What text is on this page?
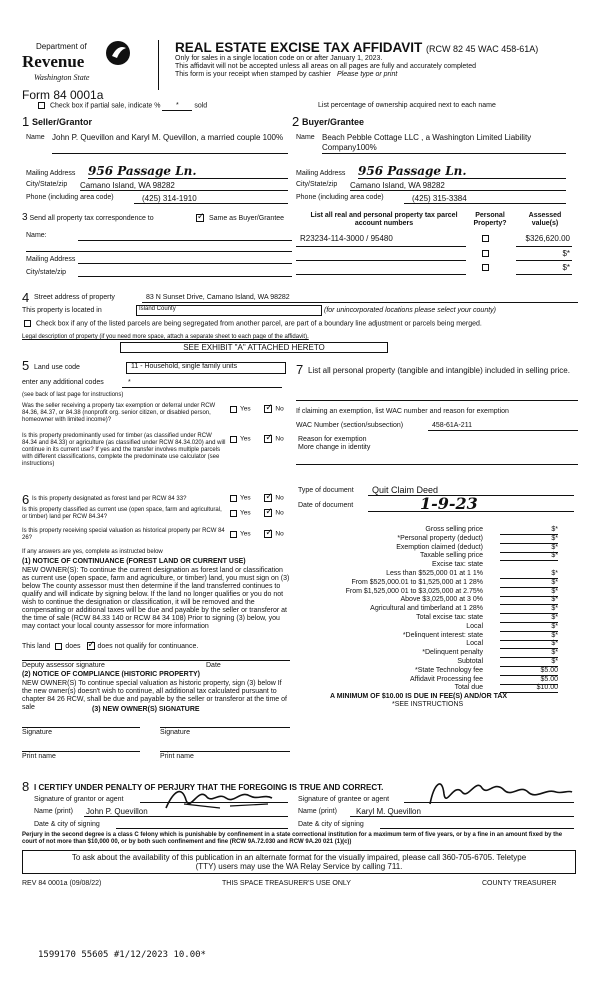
Department of
Revenue
Washington State
Form 84 0001a
REAL ESTATE EXCISE TAX AFFIDAVIT (RCW 82 45 WAC 458-61A)
Only for sales in a single location code on or after January 1, 2023.
This affidavit will not be accepted unless all areas on all pages are fully and accurately completed
This form is your receipt when stamped by cashier Please type or print
Check box if partial sale, indicate % * sold	List percentage of ownership acquired next to each name
1 Seller/Grantor
Name John P. Quevillon and Karyl M. Quevillon, a married couple 100%
Mailing Address 956 Passage Ln.
City/State/zip Camano Island, WA 98282
Phone (including area code)	(425) 314-1910
2 Buyer/Grantee
Name Beach Pebble Cottage LLC , a Washington Limited Liability Company100%
Mailing Address 956 Passage Ln.
City/State/zip Camano Island, WA 98282
Phone (including area code)	(425) 315-3384
3 Send all property tax correspondence to ✓	Same as Buyer/Grantee
Name:
Mailing Address
City/state/zip
List all real and personal property tax parcel account numbers
Personal Property?
Assessed value(s)
R23234-114-3000 / 95480	$326,620.00
$*
$*
4 Street address of property	83 N Sunset Drive, Camano Island, WA 98282
This property is located in	Island County	(for unincorporated locations please select your county)
Check box if any of the listed parcels are being segregated from another parcel, are part of a boundary line adjustment or parcels being merged.
Legal description of property (if you need more space, attach a separate sheet to each page of the affidavit).
SEE EXHIBIT "A" ATTACHED HERETO
5 Land use code	11 - Household, single family units
enter any additional codes	*
(see back of last page for instructions)
Was the seller receiving a property tax exemption or deferral under RCW 84.36, 84.37, or 84.38 (nonprofit org. senior citizen, or disabled person, homeowner with limited income)?
Yes ✓	No
Is this property predominantly used for timber (as classified under RCW 84.34 and 84.33) or agriculture (as classified under RCW 84.34.020) and will continue in its current use? If yes and the transfer involves multiple parcels with different classifications, complete the predominate use calculator (see instructions)
Yes ✓	No
7 List all personal property (tangible and intangible) included in selling price.
If claiming an exemption, list WAC number and reason for exemption
WAC Number (section/subsection)	458-61A-211
Reason for exemption
More change in identity
Type of document Quit Claim Deed
Date of document	1-9-23
6 Is this property designated as forest land per RCW 84 33?	Yes ✓	No
Is this property classified as current use (open space, farm and agricultural, or timber) land per RCW 84.34?
Yes ✓	No
Is this property receiving special valuation as historical property per RCW 84 26?
Yes ✓	No
If any answers are yes, complete as instructed below
(1) NOTICE OF CONTINUANCE (FOREST LAND OR CURRENT USE)
NEW OWNER(S): To continue the current designation as forest land or classification as current use (open space, farm and agriculture, or timber) land, you must sign on (3) below The county assessor must then determine if the land transferred continues to qualify and will indicate by signing below. If the land no longer qualifies or you do not wish to continue the designation or classification, it will be removed and the compensating or additional taxes will be due and payable by the seller or transferor at the time of sale (RCW 84.33 140 or RCW 84 34 108) Prior to signing (3) below, you may contact your local county assessor for more information
This land does ✓ does not qualify for continuance.
Deputy assessor signature	Date
(2) NOTICE OF COMPLIANCE (HISTORIC PROPERTY)
NEW OWNER(S) To continue special valuation as historic property, sign (3) below If the new owner(s) doesn't wish to continue, all additional tax calculated pursuant to chapter 84 26 RCW, shall be due and payable by the seller or transferor at the time of sale	(3) NEW OWNER(S) SIGNATURE
Signature	Signature
Print name	Print name
Gross selling price	$*
*Personal property (deduct)	$*
Exemption claimed (deduct)	$*
Taxable selling price	$*
Excise tax: state
Less than $525,000 01 at 1 1%	$*
From $525,000.01 to $1,525,000 at 1 28%	$*
From $1,525,000 01 to $3,025,000 at 2.75%	$*
Above $3,025,000 at 3 0%	$*
Agricultural and timberland at 1 28%	$*
Total excise tax: state	$*
Local	$*
*Delinquent interest: state	$*
Local	$*
*Delinquent penalty	$*
Subtotal	$*
*State Technology fee	$5.00
Affidavit Processing fee	$5.00
Total due	$10.00
A MINIMUM OF $10.00 IS DUE IN FEE(S) AND/OR TAX
*SEE INSTRUCTIONS
8 I CERTIFY UNDER PENALTY OF PERJURY THAT THE FOREGOING IS TRUE AND CORRECT.
Signature of grantor or agent	Signature of grantee or agent
Name (print) John P. Quevillon	Name (print) Karyl M. Quevillon
Date & city of signing	Date & city of signing
Perjury in the second degree is a class C felony which is punishable by confinement in a state correctional institution for a maximum term of five years, or by a fine in an amount fixed by the court of not more than $10,000 00, or by both such confinement and fine (RCW 9A.72.030 and RCW 9A.20 021 (1)(c))
To ask about the availability of this publication in an alternate format for the visually impaired, please call 360-705-6705. Teletype
(TTY) users may use the WA Relay Service by calling 711.
REV 84 0001a (09/08/22)	THIS SPACE TREASURER'S USE ONLY	COUNTY TREASURER
1599170 55605 #1/12/2023 10.00*
